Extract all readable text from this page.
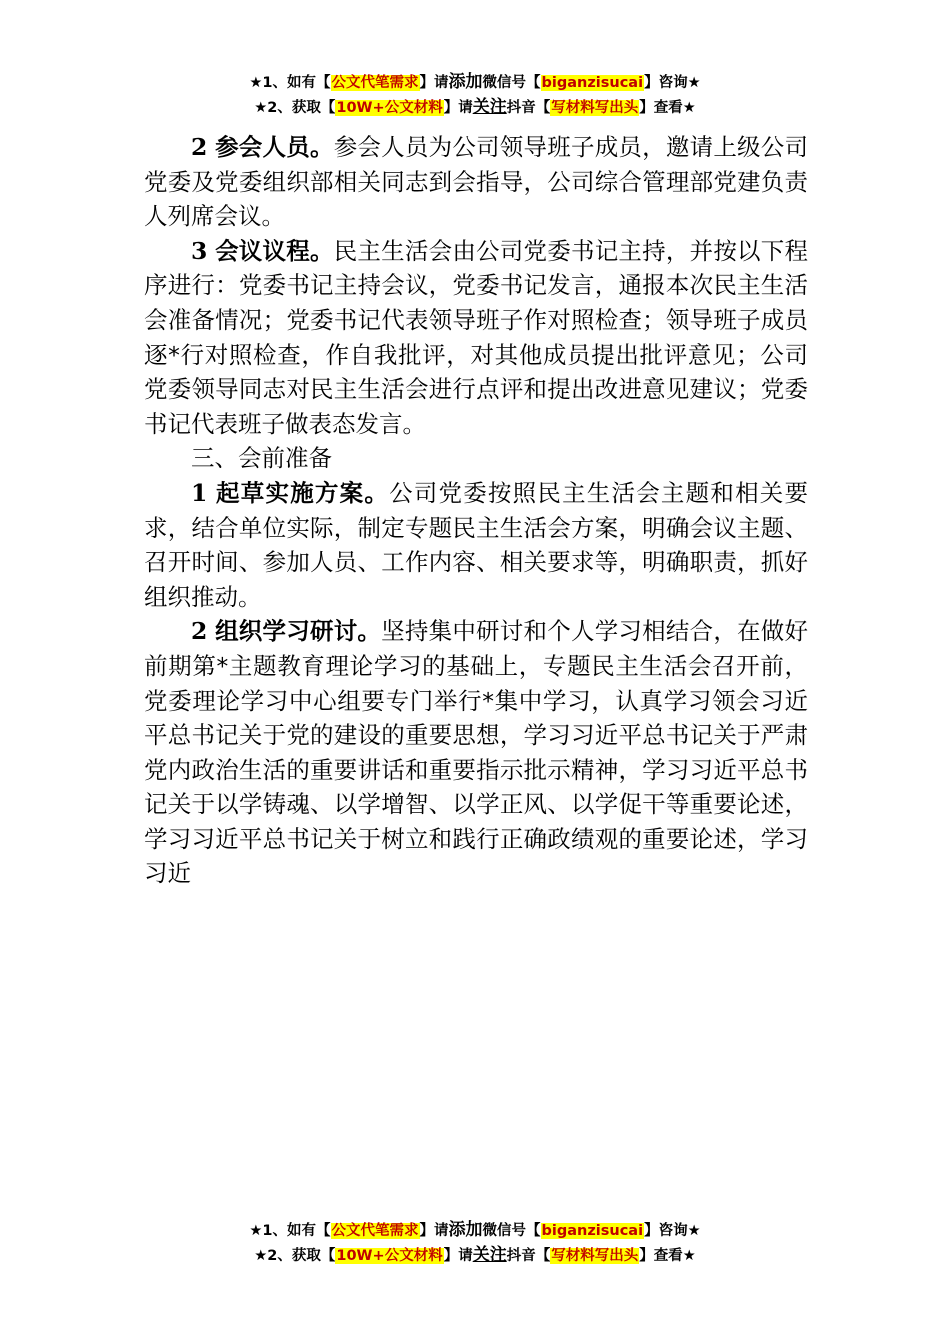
★1、如有【公文代笔需求】请添加微信号【biganzisucai】咨询★
★2、获取【10W+公文材料】请关注抖音【写材料写出头】查看★

2 参会人员。参会人员为公司领导班子成员，邀请上级公司党委及党委组织部相关同志到会指导，公司综合管理部党建负责人列席会议。

3 会议议程。民主生活会由公司党委书记主持，并按以下程序进行：党委书记主持会议，党委书记发言，通报本次民主生活会准备情况；党委书记代表领导班子作对照检查；领导班子成员逐*行对照检查，作自我批评，对其他成员提出批评意见；公司党委领导同志对民主生活会进行点评和提出改进意见建议；党委书记代表班子做表态发言。

三、会前准备

1 起草实施方案。公司党委按照民主生活会主题和相关要求，结合单位实际，制定专题民主生活会方案，明确会议主题、召开时间、参加人员、工作内容、相关要求等，明确职责，抓好组织推动。

2 组织学习研讨。坚持集中研讨和个人学习相结合，在做好前期第*主题教育理论学习的基础上，专题民主生活会召开前，党委理论学习中心组要专门举行*集中学习，认真学习领会习近平总书记关于党的建设的重要思想，学习习近平总书记关于严肃党内政治生活的重要讲话和重要指示批示精神，学习习近平总书记关于以学铸魂、以学增智、以学正风、以学促干等重要论述，学习习近平总书记关于树立和践行正确政绩观的重要论述，学习习近

★1、如有【公文代笔需求】请添加微信号【biganzisucai】咨询★
★2、获取【10W+公文材料】请关注抖音【写材料写出头】查看★
